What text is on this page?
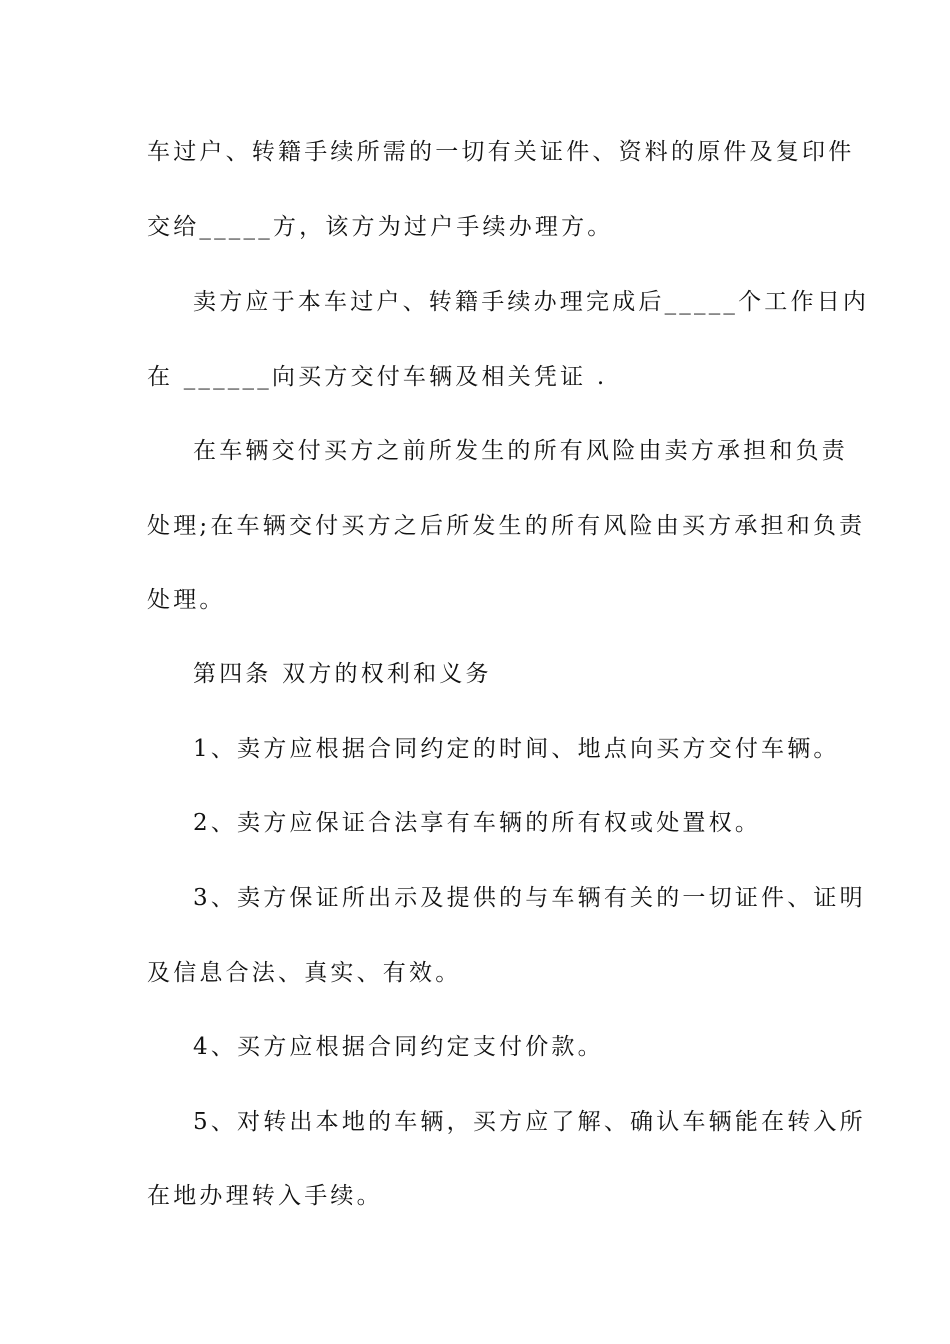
车过户、转籍手续所需的一切有关证件、资料的原件及复印件
交给_____方，该方为过户手续办理方。
卖方应于本车过户、转籍手续办理完成后_____个工作日内
在 ______向买方交付车辆及相关凭证 .
在车辆交付买方之前所发生的所有风险由卖方承担和负责
处理;在车辆交付买方之后所发生的所有风险由买方承担和负责
处理。
第四条 双方的权利和义务
1、卖方应根据合同约定的时间、地点向买方交付车辆。
2、卖方应保证合法享有车辆的所有权或处置权。
3、卖方保证所出示及提供的与车辆有关的一切证件、证明
及信息合法、真实、有效。
4、买方应根据合同约定支付价款。
5、对转出本地的车辆，买方应了解、确认车辆能在转入所
在地办理转入手续。
